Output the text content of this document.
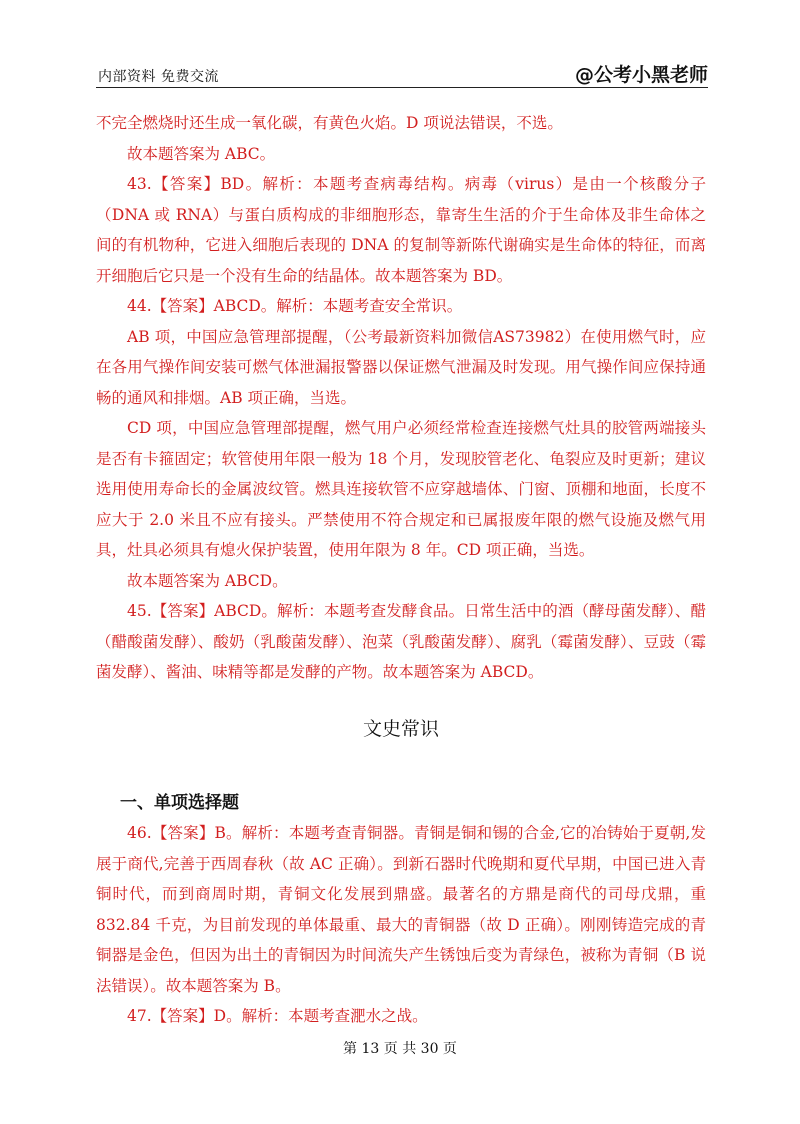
内部资料 免费交流	@公考小黑老师

不完全燃烧时还生成一氧化碳，有黄色火焰。D 项说法错误，不选。

故本题答案为 ABC。

43.【答案】BD。解析：本题考查病毒结构。病毒（virus）是由一个核酸分子（DNA 或 RNA）与蛋白质构成的非细胞形态，靠寄生生活的介于生命体及非生命体之间的有机物种，它进入细胞后表现的 DNA 的复制等新陈代谢确实是生命体的特征，而离开细胞后它只是一个没有生命的结晶体。故本题答案为 BD。

44.【答案】ABCD。解析：本题考查安全常识。

AB 项，中国应急管理部提醒，（公考最新资料加微信AS73982）在使用燃气时，应在各用气操作间安装可燃气体泄漏报警器以保证燃气泄漏及时发现。用气操作间应保持通畅的通风和排烟。AB 项正确，当选。

CD 项，中国应急管理部提醒，燃气用户必须经常检查连接燃气灶具的胶管两端接头是否有卡箍固定；软管使用年限一般为 18 个月，发现胶管老化、龟裂应及时更新；建议选用使用寿命长的金属波纹管。燃具连接软管不应穿越墙体、门窗、顶棚和地面，长度不应大于 2.0 米且不应有接头。严禁使用不符合规定和已属报废年限的燃气设施及燃气用具，灶具必须具有熄火保护装置，使用年限为 8 年。CD 项正确，当选。

故本题答案为 ABCD。

45.【答案】ABCD。解析：本题考查发酵食品。日常生活中的酒（酵母菌发酵）、醋（醋酸菌发酵）、酸奶（乳酸菌发酵）、泡菜（乳酸菌发酵）、腐乳（霉菌发酵）、豆豉（霉菌发酵）、酱油、味精等都是发酵的产物。故本题答案为 ABCD。

文史常识
一、单项选择题

46.【答案】B。解析：本题考查青铜器。青铜是铜和锡的合金,它的冶铸始于夏朝,发展于商代,完善于西周春秋（故 AC 正确）。到新石器时代晚期和夏代早期，中国已进入青铜时代，而到商周时期，青铜文化发展到鼎盛。最著名的方鼎是商代的司母戊鼎，重 832.84 千克，为目前发现的单体最重、最大的青铜器（故 D 正确）。刚刚铸造完成的青铜器是金色，但因为出土的青铜因为时间流失产生锈蚀后变为青绿色，被称为青铜（B 说法错误）。故本题答案为 B。

47.【答案】D。解析：本题考查淝水之战。

第 13 页 共 30 页
